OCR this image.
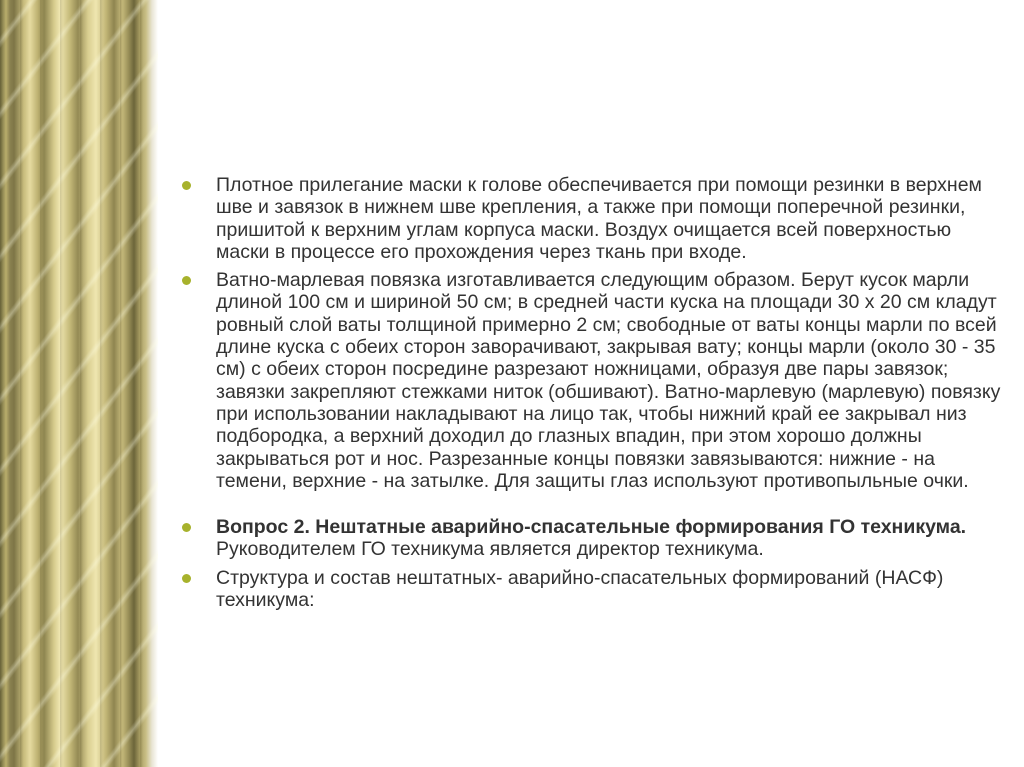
Плотное прилегание маски к голове обеспечивается при помощи резинки в верхнем шве и завязок в нижнем шве крепления, а также при помощи поперечной резинки, пришитой к верхним углам корпуса маски. Воздух очищается всей поверхностью маски в процессе его прохождения через ткань при входе.
Ватно-марлевая повязка изготавливается следующим образом. Берут кусок марли длиной 100 см и шириной 50 см; в средней части куска на площади 30 х 20 см кладут ровный слой ваты толщиной примерно 2 см; свободные от ваты концы марли по всей длине куска с обеих сторон заворачивают, закрывая вату; концы марли (около 30 - 35 см) с обеих сторон посредине разрезают ножницами, образуя две пары завязок; завязки закрепляют стежками ниток (обшивают). Ватно-марлевую (марлевую) повязку при использовании накладывают на лицо так, чтобы нижний край ее закрывал низ подбородка, а верхний доходил до глазных впадин, при этом хорошо должны закрываться рот и нос. Разрезанные концы повязки завязываются: нижние - на темени, верхние - на затылке. Для защиты глаз используют противопыльные очки.
Вопрос 2. Нештатные аварийно-спасательные формирования ГО техникума.
Руководителем ГО техникума является директор техникума.
Структура и состав нештатных- аварийно-спасательных формирований (НАСФ) техникума:
